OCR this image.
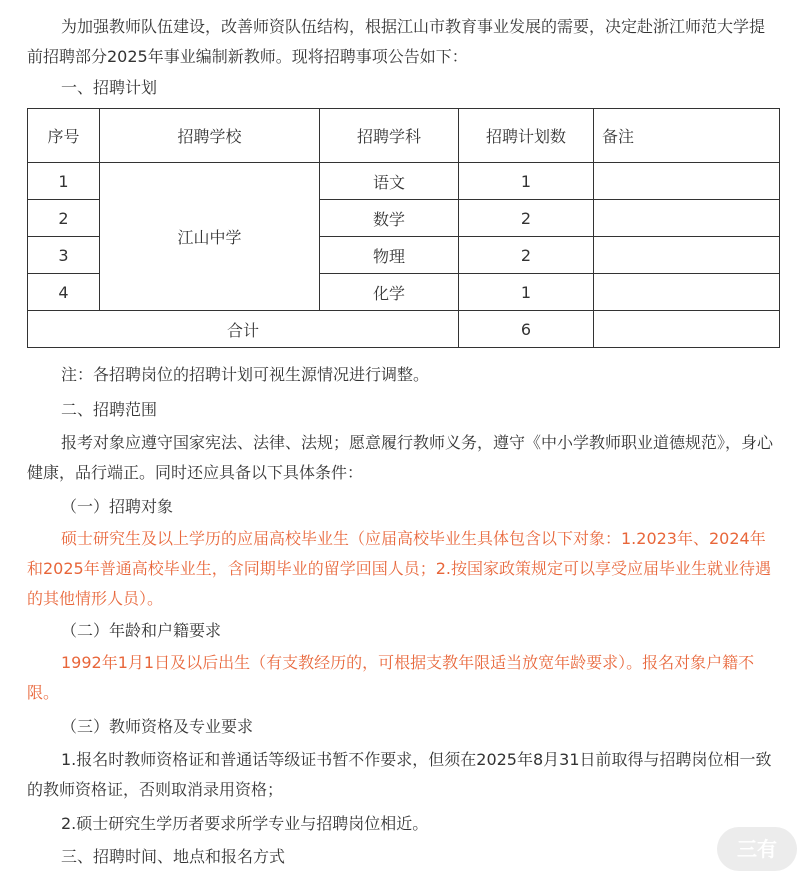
为加强教师队伍建设，改善师资队伍结构，根据江山市教育事业发展的需要，决定赴浙江师范大学提前招聘部分2025年事业编制新教师。现将招聘事项公告如下：

一、招聘计划

序号	招聘学校	招聘学科	招聘计划数	备注
1	江山中学	语文	1	
2		数学	2	
3		物理	2	
4		化学	1	
合计			6	

注：各招聘岗位的招聘计划可视生源情况进行调整。

二、招聘范围

报考对象应遵守国家宪法、法律、法规；愿意履行教师义务，遵守《中小学教师职业道德规范》，身心健康，品行端正。同时还应具备以下具体条件：

（一）招聘对象

硕士研究生及以上学历的应届高校毕业生（应届高校毕业生具体包含以下对象：1.2023年、2024年和2025年普通高校毕业生，含同期毕业的留学回国人员；2.按国家政策规定可以享受应届毕业生就业待遇的其他情形人员）。

（二）年龄和户籍要求

1992年1月1日及以后出生（有支教经历的，可根据支教年限适当放宽年龄要求）。报名对象户籍不限。

（三）教师资格及专业要求

1.报名时教师资格证和普通话等级证书暂不作要求，但须在2025年8月31日前取得与招聘岗位相一致的教师资格证，否则取消录用资格；

2.硕士研究生学历者要求所学专业与招聘岗位相近。

三、招聘时间、地点和报名方式	三有
